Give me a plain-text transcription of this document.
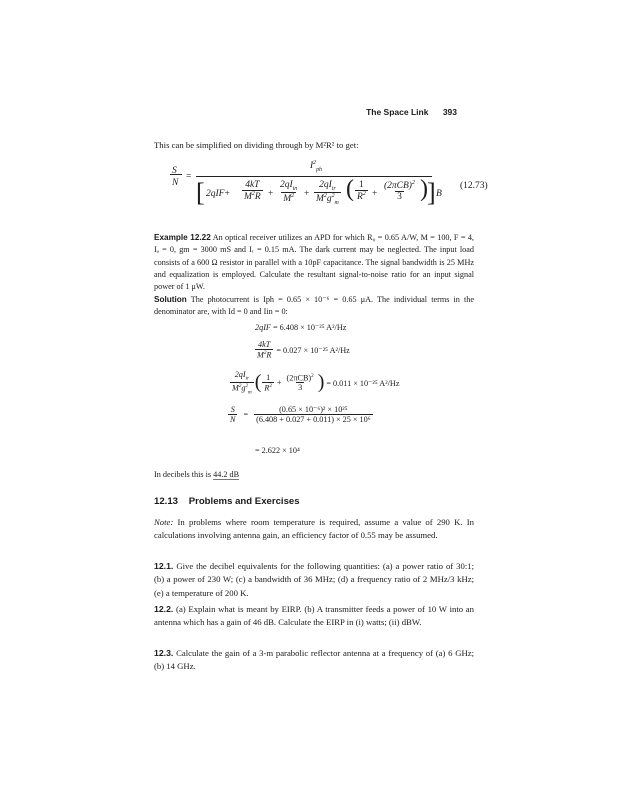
The Space Link 393
This can be simplified on dividing through by M²R² to get:
S
N
=
$I^2_{ph}$
[ $2qIF+ \frac{4kT}{M^2R} + \frac{2qI_{in}}{M^2} + \frac{2qI_{ir}}{M^2g^2_m}$ ( $\frac{1}{R^2} + \frac{(2\pi CB)^2}{3}$ ) ] B
(12.73)
Example 12.22 An optical receiver utilizes an APD for which R₀ = 0.65 A/W, M = 100, F = 4, Iₐ = 0, gm = 3000 mS and Iᵣ = 0.15 mA. The dark current may be neglected. The input load consists of a 600 Ω resistor in parallel with a 10pF capacitance. The signal bandwidth is 25 MHz and equalization is employed. Calculate the resultant signal-to-noise ratio for an input signal power of 1 μW.
Solution The photocurrent is Iph = 0.65 × 10⁻⁶ = 0.65 μA. The individual terms in the denominator are, with Id = 0 and Iin = 0:
2qIF = 6.408 × 10⁻²⁵ A²/Hz
$\frac{4kT}{M^2R} = 0.027 \times 10^{-25}$ A²/Hz
$\frac{2qI_{ir}}{M^2g^2_m}$ ( $\frac{1}{R^2} + \frac{(2\pi CB)^2}{3}$ ) = 0.011 × 10⁻²⁵ A²/Hz
$\frac{S}{N} = \frac{\text{(0.65 × 10⁻⁶)² × 10²⁵}}{\text{(6.408 + 0.027 + 0.011) × 25 × 10⁶}}$
= 2.622 × 10⁴
In decibels this is 44.2 dB
12.13 Problems and Exercises
Note: In problems where room temperature is required, assume a value of 290 K. In calculations involving antenna gain, an efficiency factor of 0.55 may be assumed.
12.1. Give the decibel equivalents for the following quantities: (a) a power ratio of 30:1; (b) a power of 230 W; (c) a bandwidth of 36 MHz; (d) a frequency ratio of 2 MHz/3 kHz; (e) a temperature of 200 K.
12.2. (a) Explain what is meant by EIRP. (b) A transmitter feeds a power of 10 W into an antenna which has a gain of 46 dB. Calculate the EIRP in (i) watts; (ii) dBW.
12.3. Calculate the gain of a 3-m parabolic reflector antenna at a frequency of (a) 6 GHz; (b) 14 GHz.
